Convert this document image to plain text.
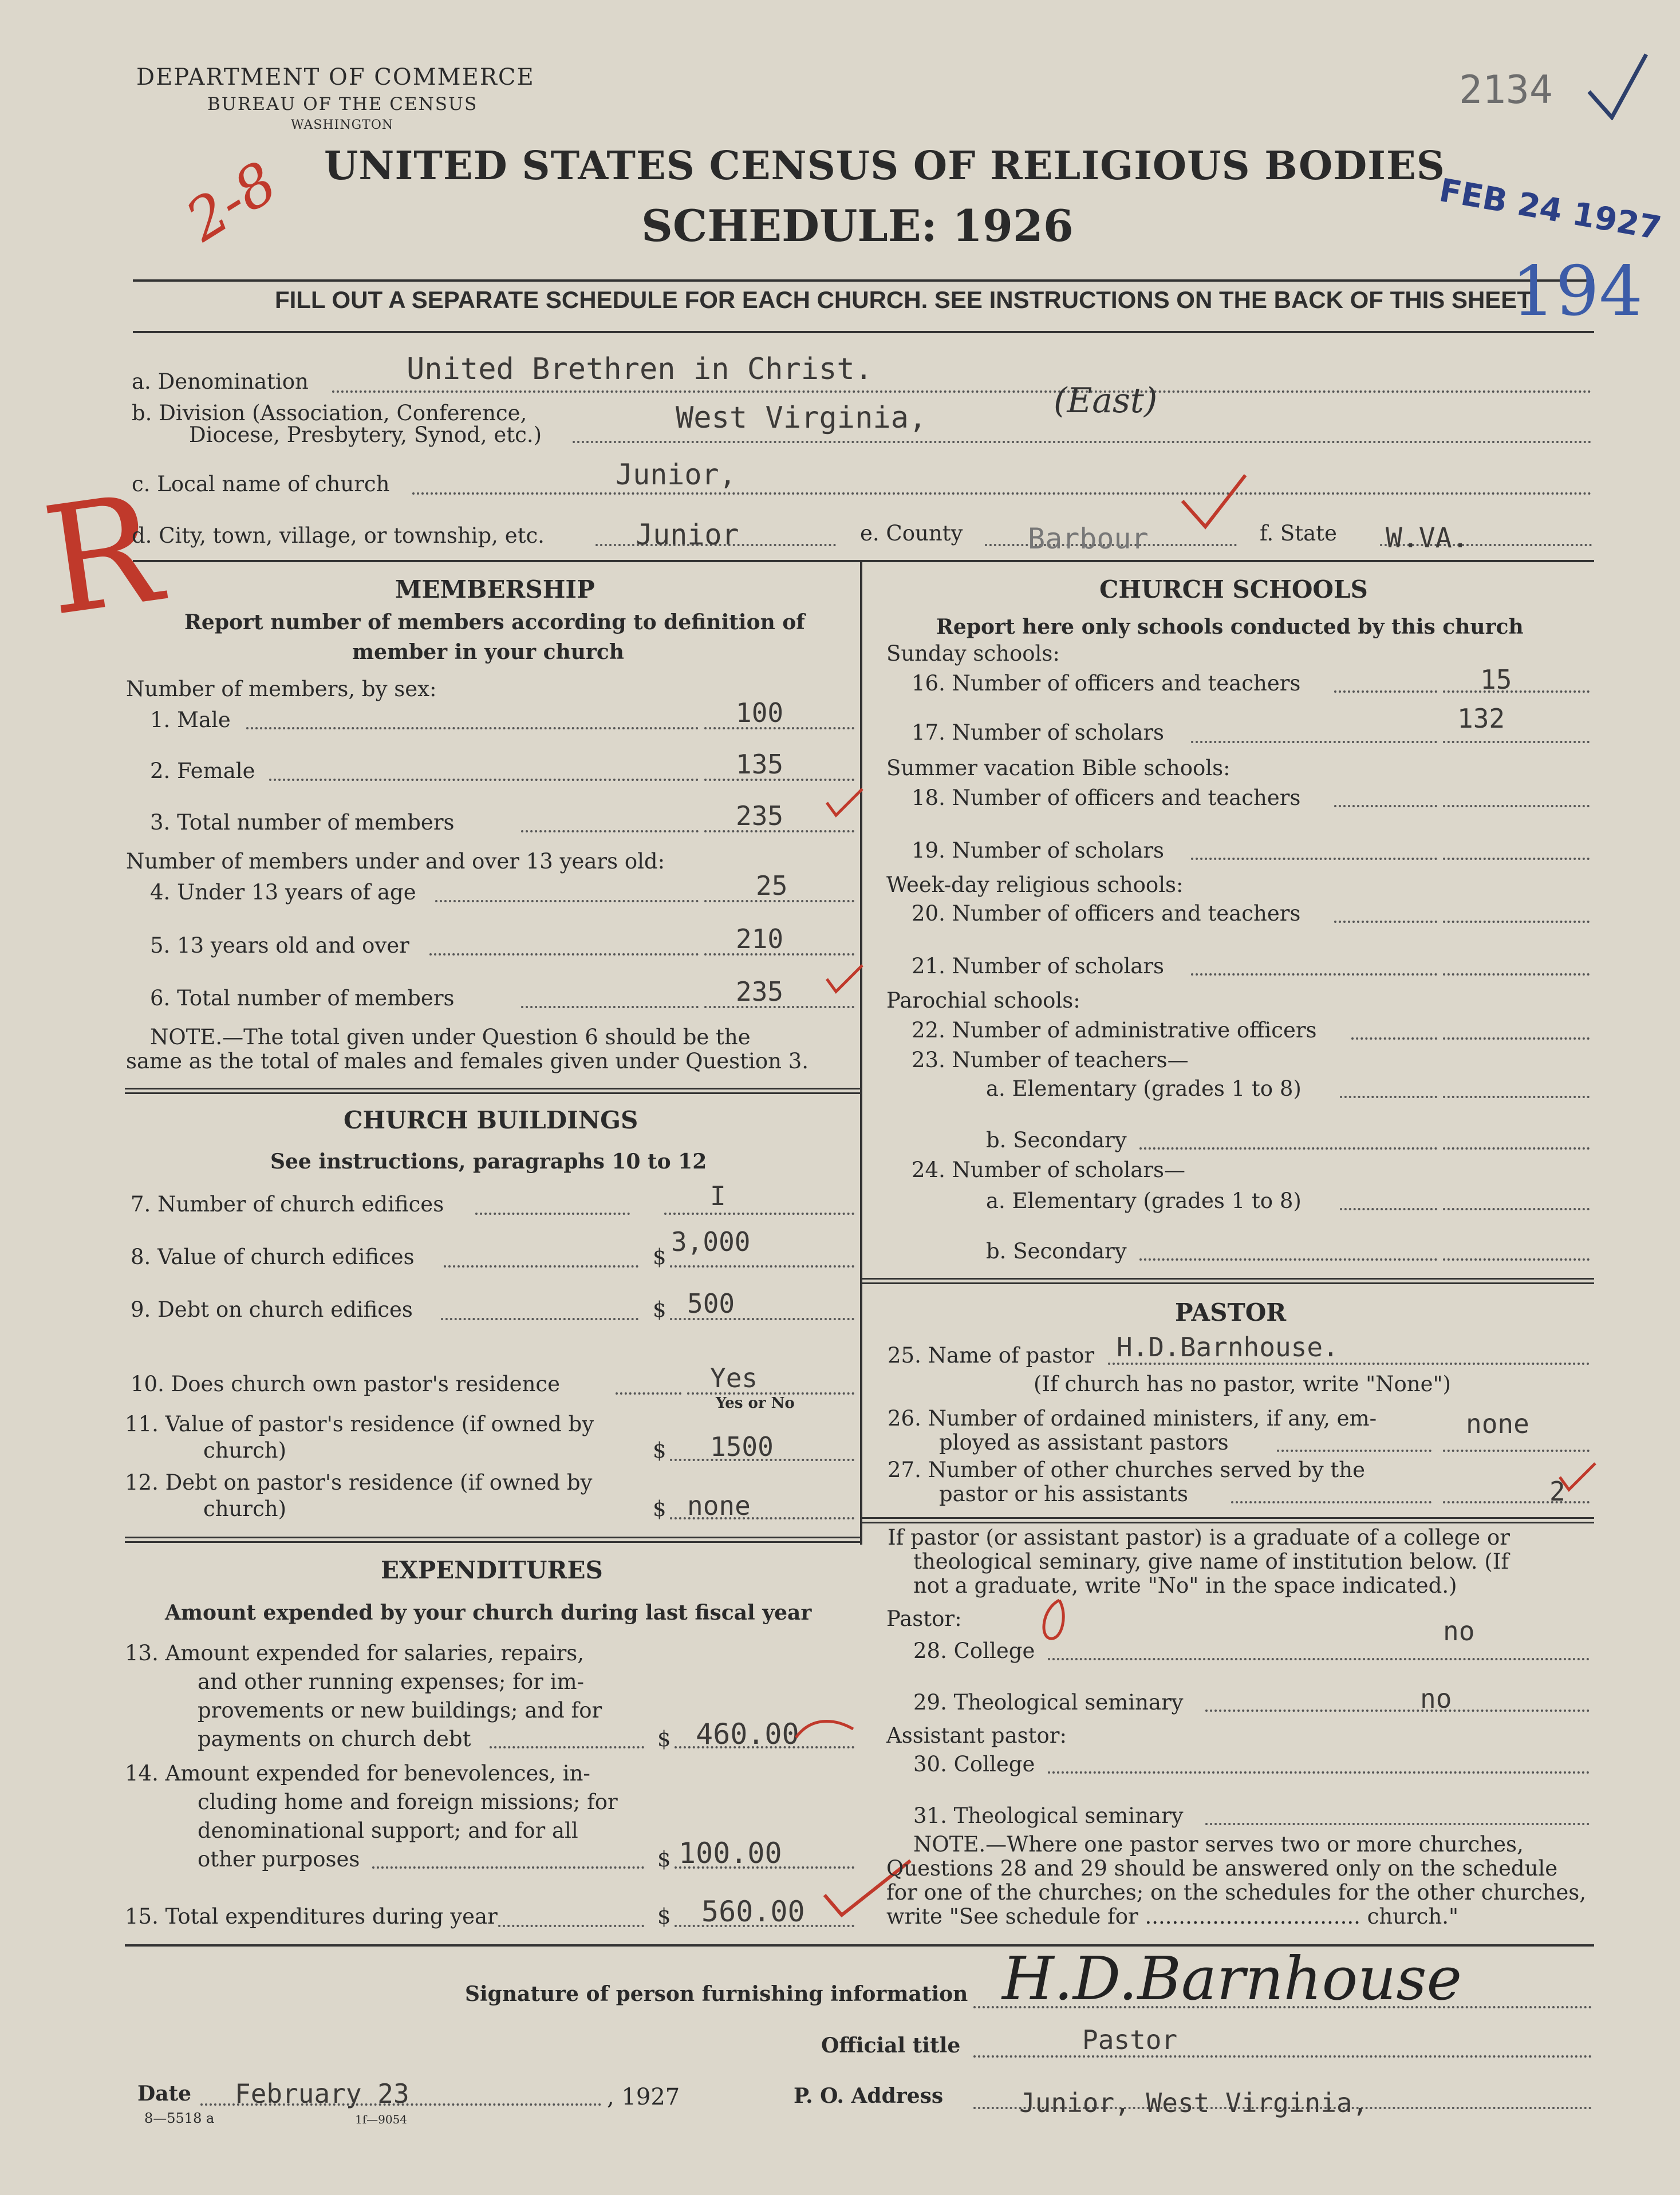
DEPARTMENT OF COMMERCE
BUREAU OF THE CENSUS
WASHINGTON
UNITED STATES CENSUS OF RELIGIOUS BODIES
SCHEDULE: 1926
FILL OUT A SEPARATE SCHEDULE FOR EACH CHURCH. SEE INSTRUCTIONS ON THE BACK OF THIS SHEET
2134
FEB 24 1927
194
2-8
R
a. Denomination	United Brethren in Christ.
b. Division (Association, Conference,
Diocese, Presbytery, Synod, etc.)	West Virginia,	(East)
c. Local name of church	Junior,
d. City, town, village, or township, etc.	Junior	e. County Barbour	f. State W.VA.
MEMBERSHIP
Report number of members according to definition of
member in your church
Number of members, by sex:
1. Male	100
2. Female	135
3. Total number of members	235
Number of members under and over 13 years old:
4. Under 13 years of age	25
5. 13 years old and over	210
6. Total number of members	235
NOTE.—The total given under Question 6 should be the
same as the total of males and females given under Question 3.
CHURCH BUILDINGS
See instructions, paragraphs 10 to 12
7. Number of church edifices	I
8. Value of church edifices	$ 3,000
9. Debt on church edifices	$ 500
10. Does church own pastor's residence	Yes
Yes or No
11. Value of pastor's residence (if owned by
church)	$ 1500
12. Debt on pastor's residence (if owned by
church)	$ none
EXPENDITURES
Amount expended by your church during last fiscal year
13. Amount expended for salaries, repairs,
and other running expenses; for im-
provements or new buildings; and for
payments on church debt	$ 460.00
14. Amount expended for benevolences, in-
cluding home and foreign missions; for
denominational support; and for all
other purposes	$ 100.00
15. Total expenditures during year	$ 560.00
CHURCH SCHOOLS
Report here only schools conducted by this church
Sunday schools:
16. Number of officers and teachers	15
17. Number of scholars	132
Summer vacation Bible schools:
18. Number of officers and teachers
19. Number of scholars
Week-day religious schools:
20. Number of officers and teachers
21. Number of scholars
Parochial schools:
22. Number of administrative officers
23. Number of teachers—
a. Elementary (grades 1 to 8)
b. Secondary
24. Number of scholars—
a. Elementary (grades 1 to 8)
b. Secondary
PASTOR
25. Name of pastor H.D.Barnhouse.
(If church has no pastor, write "None")
26. Number of ordained ministers, if any, em-
ployed as assistant pastors
none
27. Number of other churches served by the
pastor or his assistants	2
If pastor (or assistant pastor) is a graduate of a college or
theological seminary, give name of institution below. (If
not a graduate, write "No" in the space indicated.)
Pastor:
28. College
no
29. Theological seminary	no
Assistant pastor:
30. College
31. Theological seminary
NOTE.—Where one pastor serves two or more churches,
Questions 28 and 29 should be answered only on the schedule
for one of the churches; on the schedules for the other churches,
write "See schedule for ................................ church."
Signature of person furnishing information H.D.Barnhouse
Official title	Pastor
Date February 23	, 1927	P. O. Address	Junior, West Virginia,
8—5518 a	1f—9054
